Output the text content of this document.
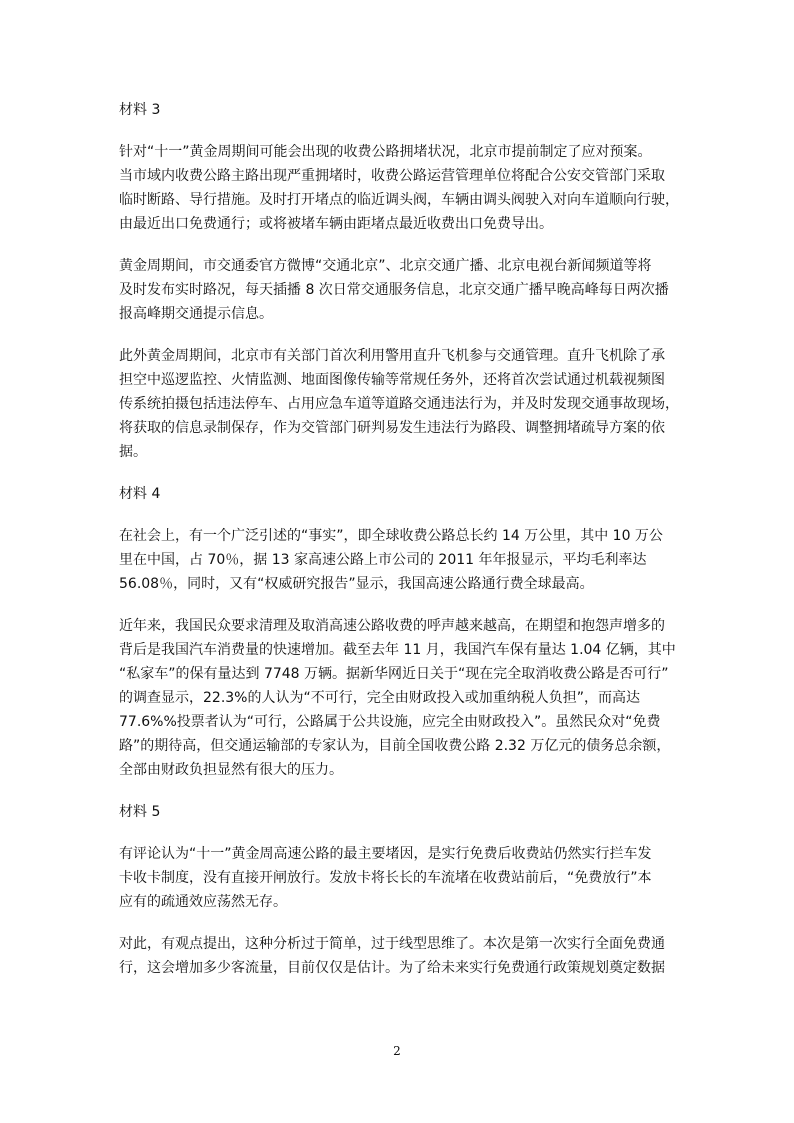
材料 3

针对“十一”黄金周期间可能会出现的收费公路拥堵状况，北京市提前制定了应对预案。
当市域内收费公路主路出现严重拥堵时，收费公路运营管理单位将配合公安交管部门采取
临时断路、导行措施。及时打开堵点的临近调头阀，车辆由调头阀驶入对向车道顺向行驶，
由最近出口免费通行；或将被堵车辆由距堵点最近收费出口免费导出。

黄金周期间，市交通委官方微博“交通北京”、北京交通广播、北京电视台新闻频道等将
及时发布实时路况，每天插播 8 次日常交通服务信息，北京交通广播早晚高峰每日两次播
报高峰期交通提示信息。

此外黄金周期间，北京市有关部门首次利用警用直升飞机参与交通管理。直升飞机除了承
担空中巡逻监控、火情监测、地面图像传输等常规任务外，还将首次尝试通过机载视频图
传系统拍摄包括违法停车、占用应急车道等道路交通违法行为，并及时发现交通事故现场，
将获取的信息录制保存，作为交管部门研判易发生违法行为路段、调整拥堵疏导方案的依
据。

材料 4

在社会上，有一个广泛引述的“事实”，即全球收费公路总长约 14 万公里，其中 10 万公
里在中国，占 70％，据 13 家高速公路上市公司的 2011 年年报显示，平均毛利率达
56.08％，同时，又有“权威研究报告”显示，我国高速公路通行费全球最高。

近年来，我国民众要求清理及取消高速公路收费的呼声越来越高，在期望和抱怨声增多的
背后是我国汽车消费量的快速增加。截至去年 11 月，我国汽车保有量达 1.04 亿辆，其中
“私家车”的保有量达到 7748 万辆。据新华网近日关于“现在完全取消收费公路是否可行”
的调查显示，22.3%的人认为“不可行，完全由财政投入或加重纳税人负担”，而高达
77.6%%投票者认为“可行，公路属于公共设施，应完全由财政投入”。虽然民众对“免费
路”的期待高，但交通运输部的专家认为，目前全国收费公路 2.32 万亿元的债务总余额，
全部由财政负担显然有很大的压力。

材料 5

有评论认为“十一”黄金周高速公路的最主要堵因，是实行免费后收费站仍然实行拦车发
卡收卡制度，没有直接开闸放行。发放卡将长长的车流堵在收费站前后，“免费放行”本
应有的疏通效应荡然无存。

对此，有观点提出，这种分析过于简单，过于线型思维了。本次是第一次实行全面免费通
行，这会增加多少客流量，目前仅仅是估计。为了给未来实行免费通行政策规划奠定数据

2
